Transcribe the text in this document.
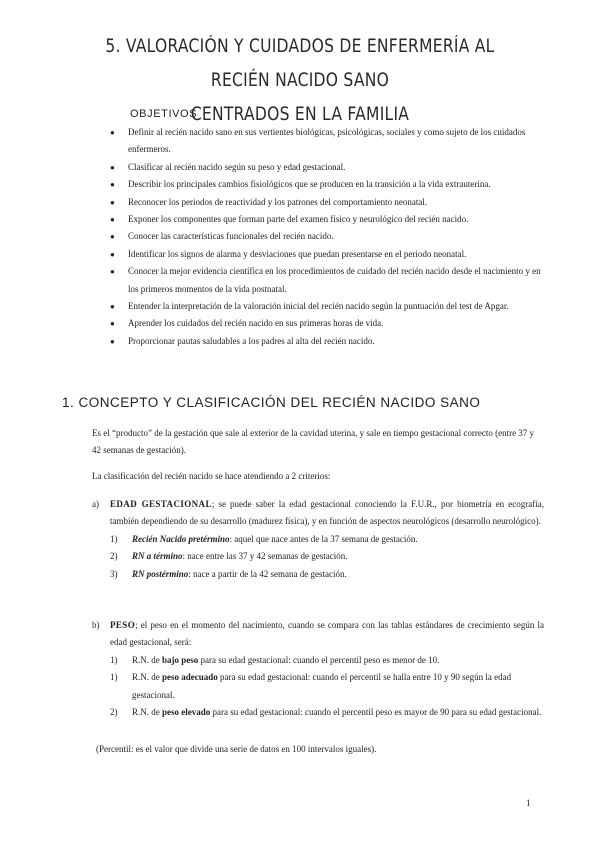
5. VALORACIÓN Y CUIDADOS DE ENFERMERÍA AL RECIÉN NACIDO SANO
CENTRADOS EN LA FAMILIA
OBJETIVOS
● Definir al recién nacido sano en sus vertientes biológicas, psicológicas, sociales y como sujeto de los cuidados enfermeros.
● Clasificar al recién nacido según su peso y edad gestacional.
● Describir los principales cambios fisiológicos que se producen en la transición a la vida extrauterina.
● Reconocer los periodos de reactividad y los patrones del comportamiento neonatal.
● Exponer los componentes que forman parte del examen físico y neurológico del recién nacido.
● Conocer las características funcionales del recién nacido.
● Identificar los signos de alarma y desviaciones que puedan presentarse en el periodo neonatal.
● Conocer la mejor evidencia científica en los procedimientos de cuidado del recién nacido desde el nacimiento y en los primeros momentos de la vida postnatal.
● Entender la interpretación de la valoración inicial del recién nacido según la puntuación del test de Apgar.
● Aprender los cuidados del recién nacido en sus primeras horas de vida.
● Proporcionar pautas saludables a los padres al alta del recién nacido.
1. CONCEPTO Y CLASIFICACIÓN DEL RECIÉN NACIDO SANO

Es el “producto” de la gestación que sale al exterior de la cavidad uterina, y sale en tiempo gestacional correcto (entre 37 y 42 semanas de gestación).

La clasificación del recién nacido se hace atendiendo a 2 criterios:

a) EDAD GESTACIONAL; se puede saber la edad gestacional conociendo la F.U.R., por biometría en ecografía, también dependiendo de su desarrollo (madurez física), y en función de aspectos neurológicos (desarrollo neurológico).
1) Recién Nacido pretérmino: aquel que nace antes de la 37 semana de gestación.
2) RN a término: nace entre las 37 y 42 semanas de gestación.
3) RN postérmino: nace a partir de la 42 semana de gestación.
b) PESO; el peso en el momento del nacimiento, cuando se compara con las tablas estándares de crecimiento según la edad gestacional, será:
1) R.N. de bajo peso para su edad gestacional: cuando el percentil peso es menor de 10.
1) R.N. de peso adecuado para su edad gestacional: cuando el percentil se halla entre 10 y 90 según la edad gestacional.
2) R.N. de peso elevado para su edad gestacional: cuando el percentil peso es mayor de 90 para su edad gestacional.

(Percentil: es el valor que divide una serie de datos en 100 intervalos iguales).

1
